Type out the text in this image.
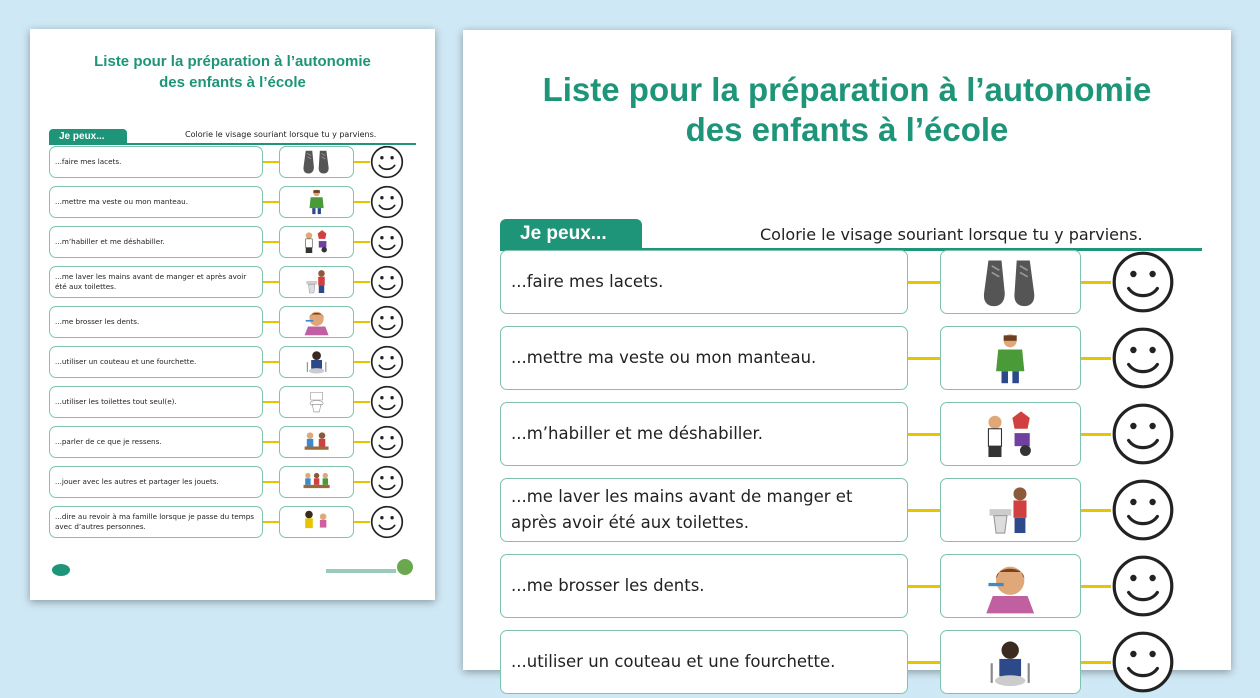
Liste pour la préparation à l’autonomie
des enfants à l’école
Je peux...	Colorie le visage souriant lorsque tu y parviens.
...faire mes lacets.
...mettre ma veste ou mon manteau.
...m’habiller et me déshabiller.
...me laver les mains avant de manger et après avoir été aux toilettes.
...me brosser les dents.
...utiliser un couteau et une fourchette.
...utiliser les toilettes tout seul(e).
...parler de ce que je ressens.
...jouer avec les autres et partager les jouets.
...dire au revoir à ma famille lorsque je passe du temps avec d’autres personnes.
Liste pour la préparation à l’autonomie
des enfants à l’école
Je peux...	Colorie le visage souriant lorsque tu y parviens.
...faire mes lacets.
...mettre ma veste ou mon manteau.
...m’habiller et me déshabiller.
...me laver les mains avant de manger et après avoir été aux toilettes.
...me brosser les dents.
...utiliser un couteau et une fourchette.
